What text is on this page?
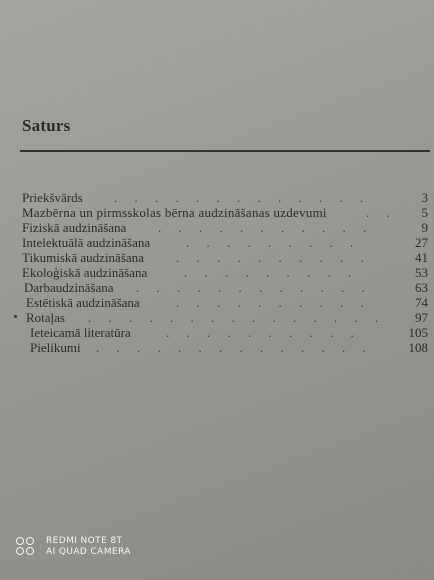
Saturs
Priekšvārds . . . . . . . . . . . . .	3
Mazbērna un pirmsskolas bērna audzināšanas uzdevumi	. . 5
Fiziskā audzināšana . . . . . . . . . . .	9
Intelektuālā audzināšana	. . . . . . . . .	27
Tikumiskā audzināšana . . . . . . . . . .	41
Ekoloģiskā audzināšana	. . . . . . . . .	53
Darbaudzināšana . . . . . . . . . . . .	63
Estētiskā audzināšana	. . . . . . . . . .	74
Rotaļas . . . . . . . . . . . . . . . 97
Ieteicamā literatūra	. . . . . . . . . .	105
Pielikumi . . . . . . . . . . . . . .	108
REDMI NOTE 8T
AI QUAD CAMERA
